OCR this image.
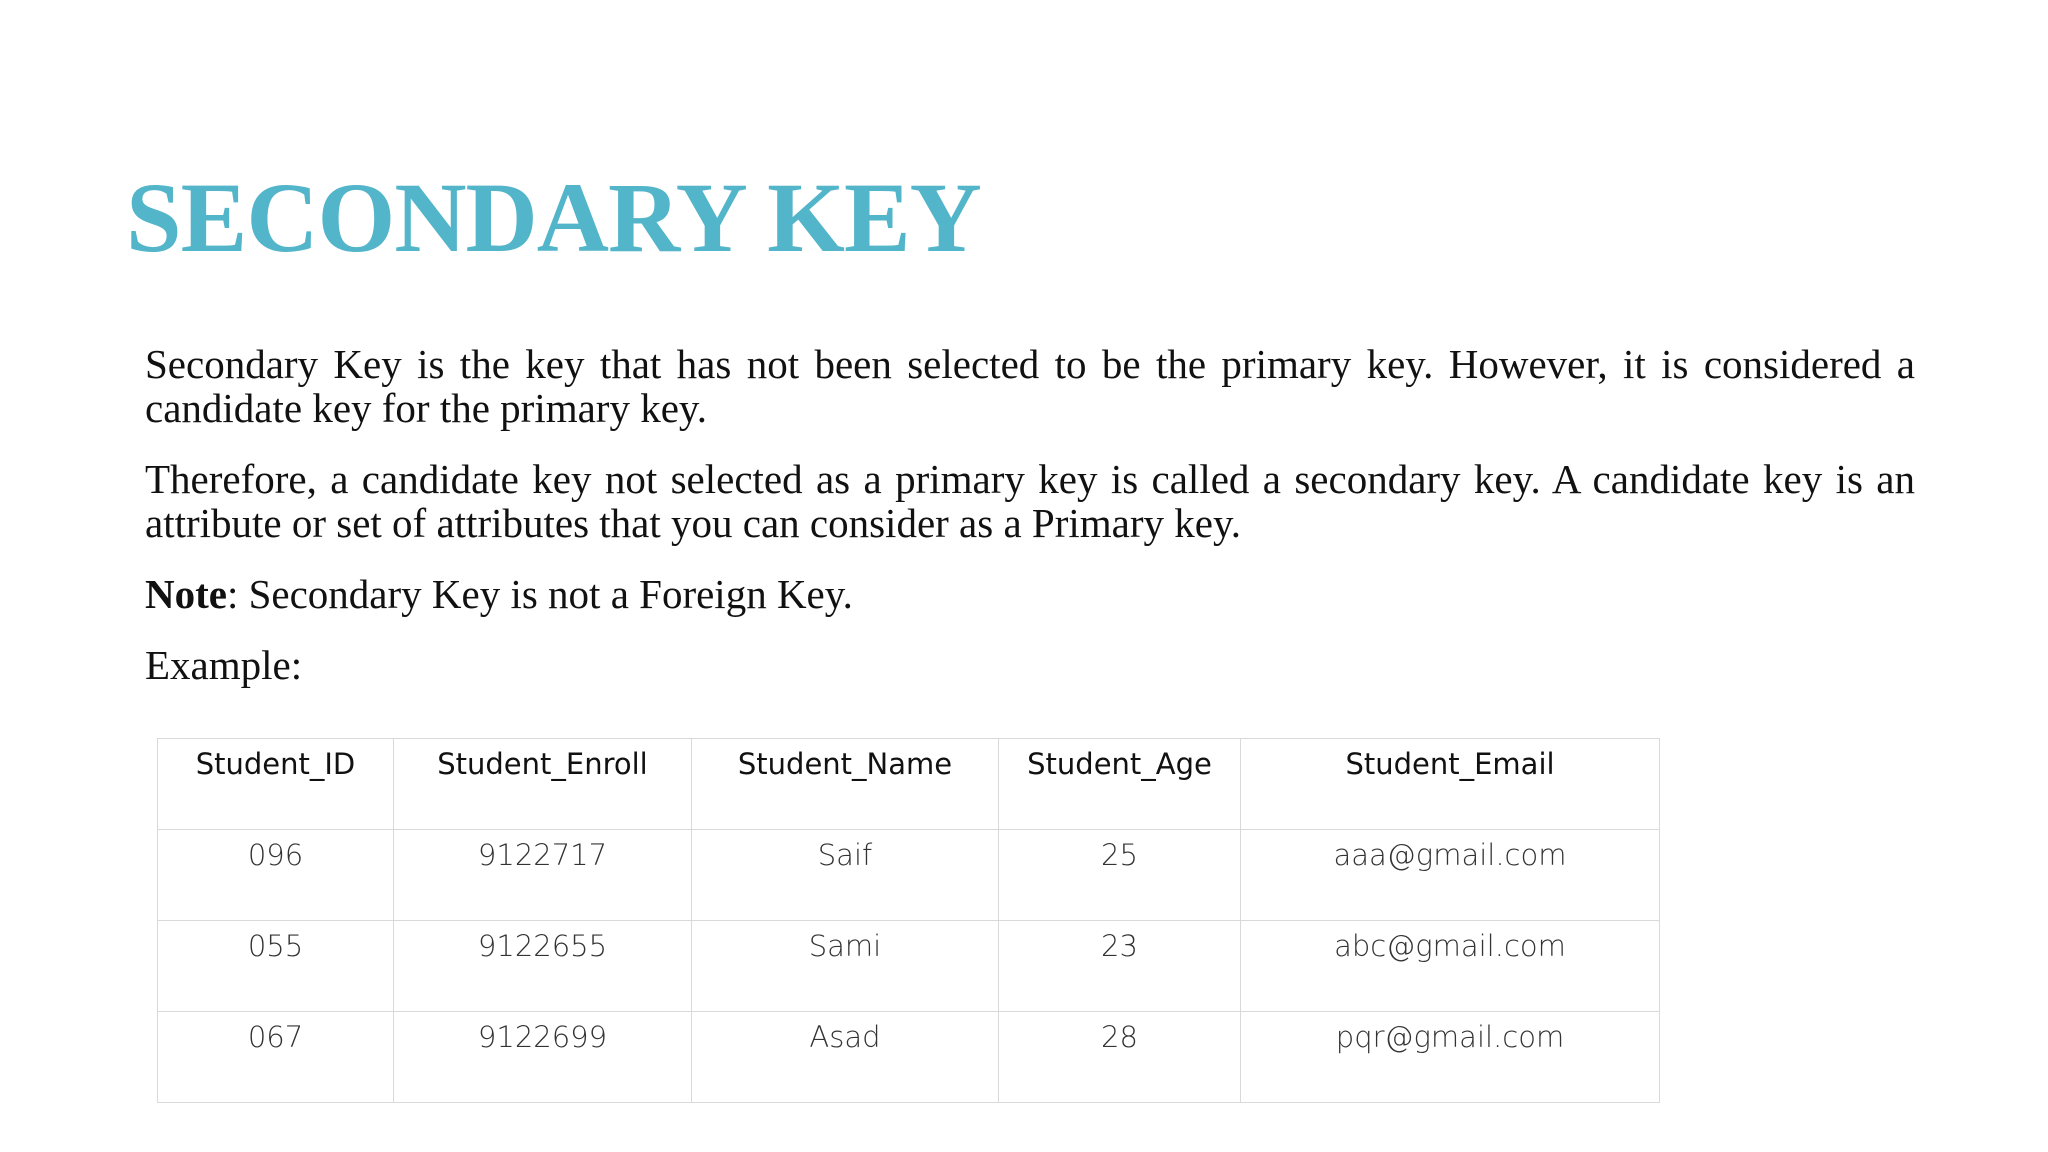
SECONDARY KEY

Secondary Key is the key that has not been selected to be the primary key. However, it is considered a candidate key for the primary key.

Therefore, a candidate key not selected as a primary key is called a secondary key. A candidate key is an attribute or set of attributes that you can consider as a Primary key.

Note: Secondary Key is not a Foreign Key.

Example:

Student_ID	Student_Enroll	Student_Name	Student_Age	Student_Email
096	9122717	Saif	25	aaa@gmail.com
055	9122655	Sami	23	abc@gmail.com
067	9122699	Asad	28	pqr@gmail.com
